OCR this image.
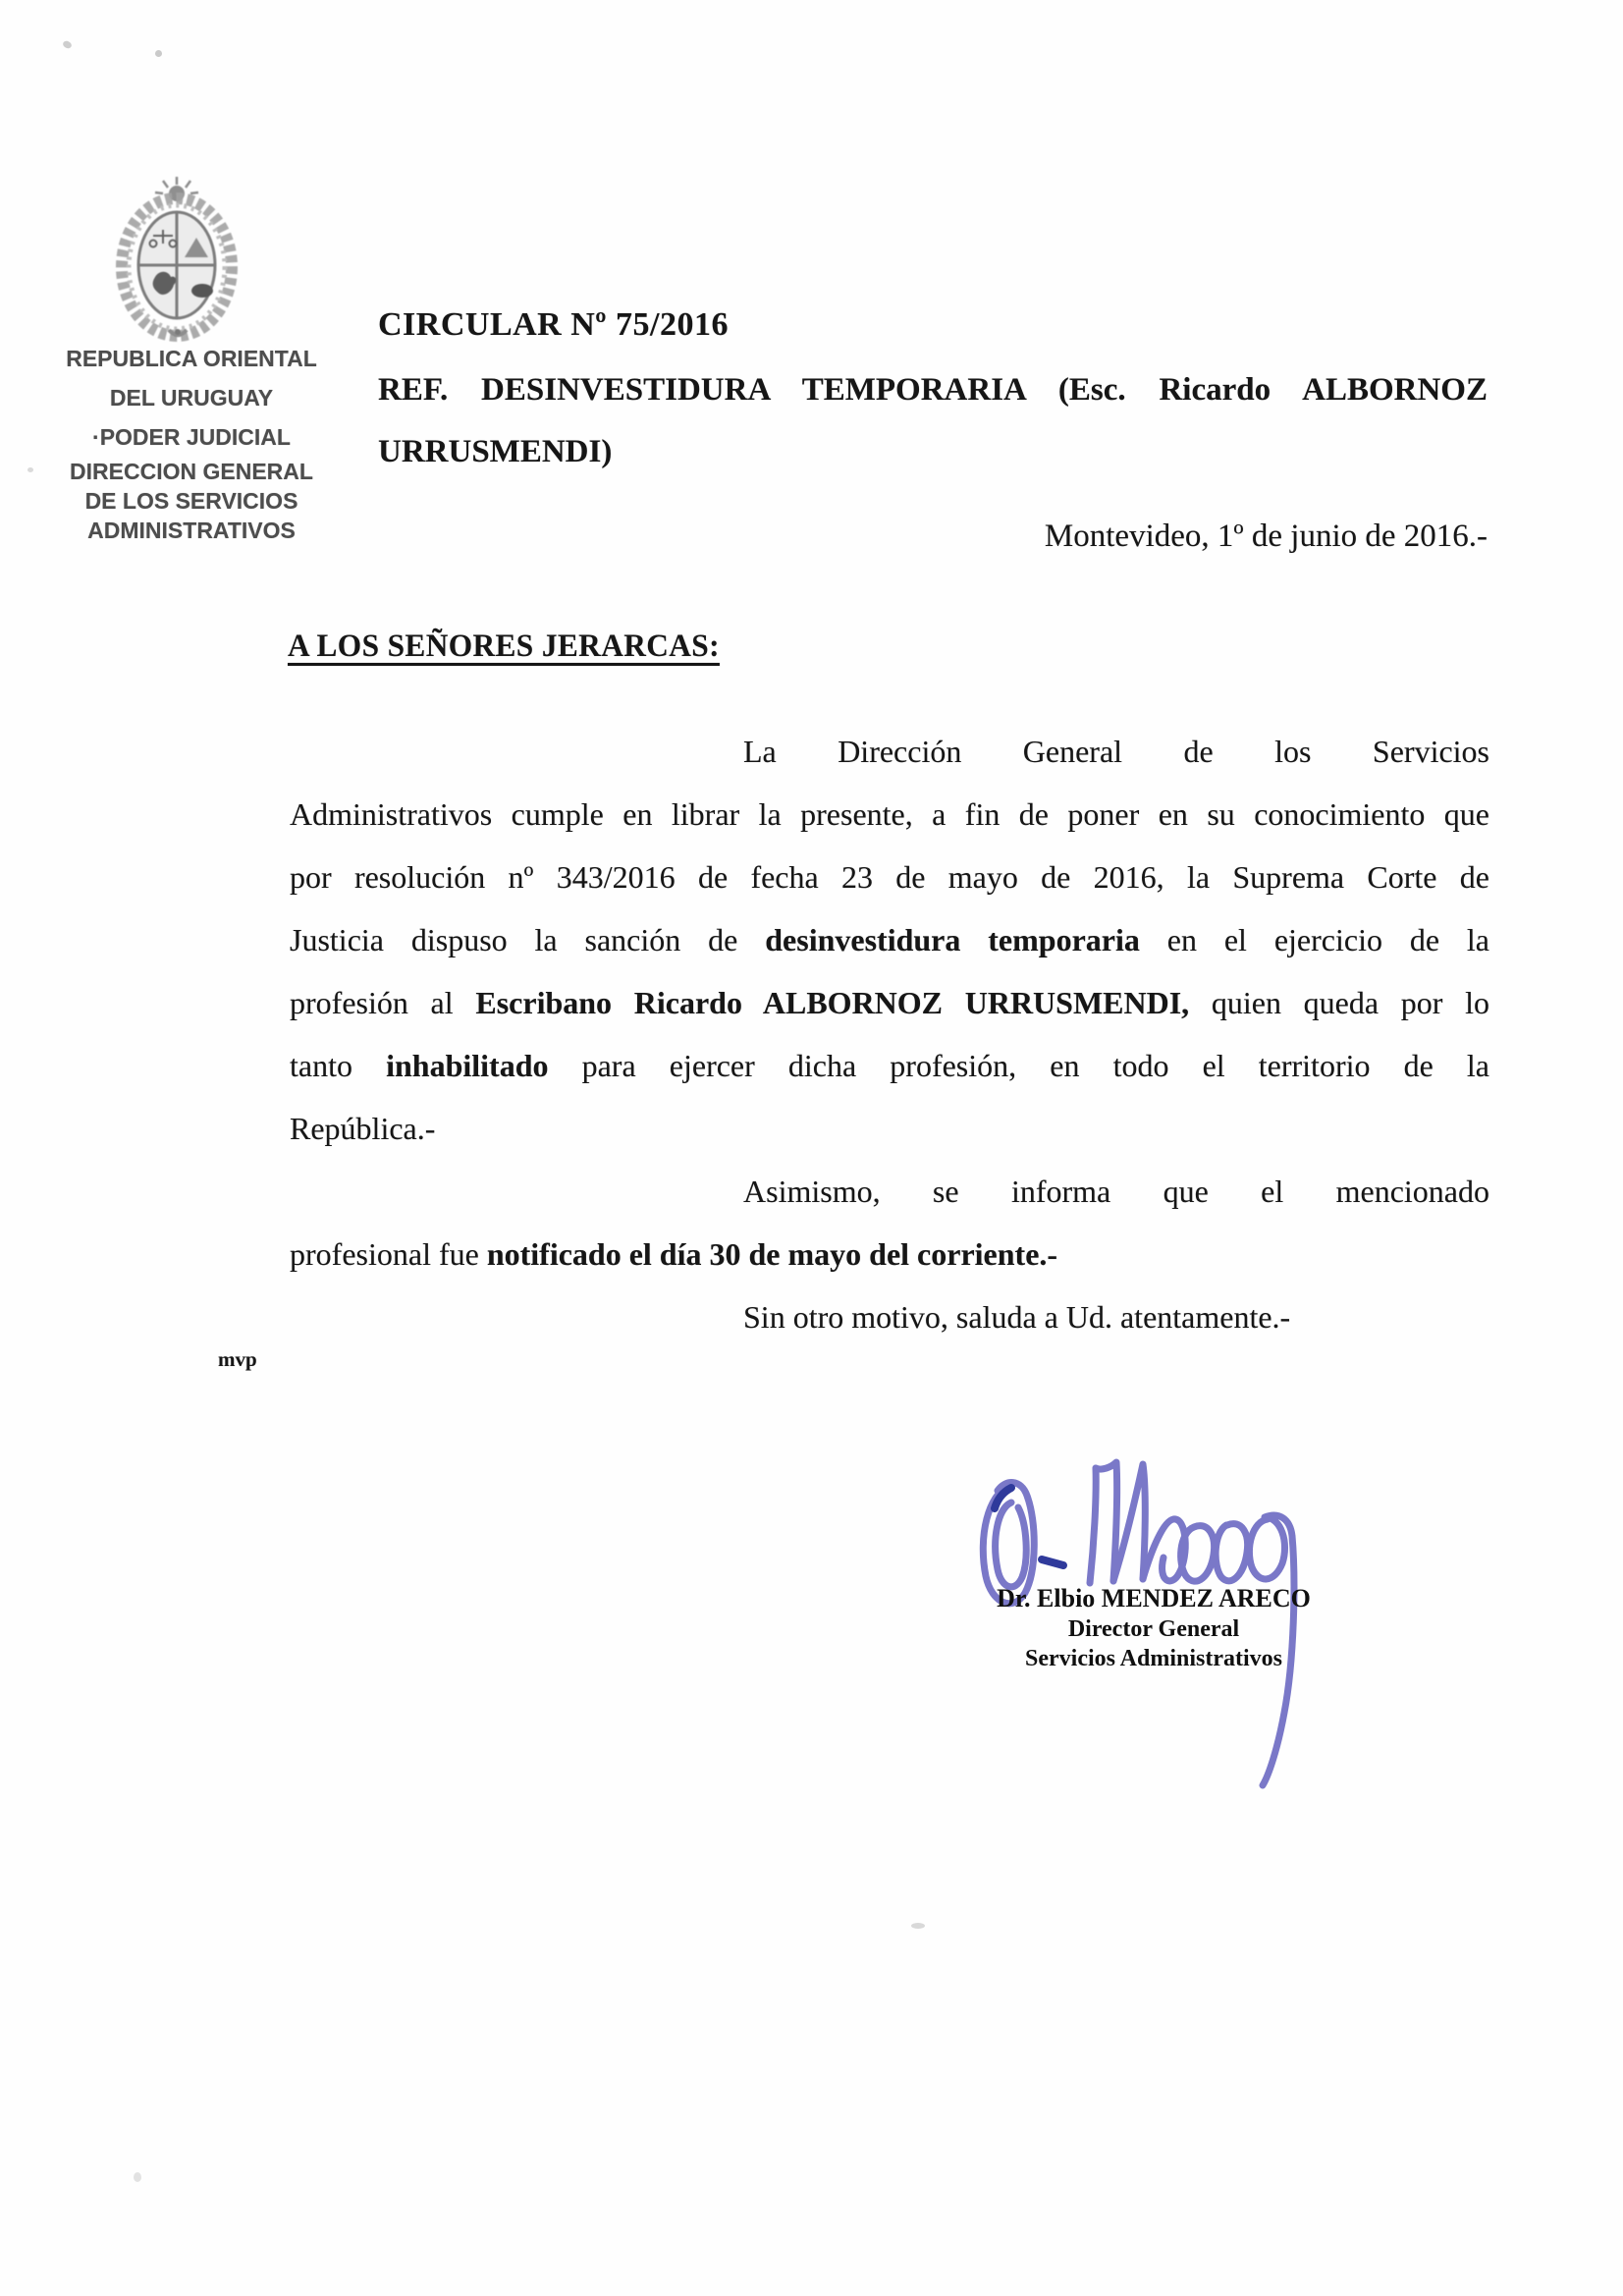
REPUBLICA ORIENTAL
DEL URUGUAY
·PODER JUDICIAL
DIRECCION GENERAL
DE LOS SERVICIOS
ADMINISTRATIVOS
CIRCULAR Nº 75/2016
REF. DESINVESTIDURA TEMPORARIA (Esc. Ricardo ALBORNOZ
URRUSMENDI)
Montevideo, 1º de junio de 2016.-
A LOS SEÑORES JERARCAS:
La Dirección General de los Servicios
Administrativos cumple en librar la presente, a fin de poner en su conocimiento que
por resolución nº 343/2016 de fecha 23 de mayo de 2016, la Suprema Corte de
Justicia dispuso la sanción de desinvestidura temporaria en el ejercicio de la
profesión al Escribano Ricardo ALBORNOZ URRUSMENDI, quien queda por lo
tanto inhabilitado para ejercer dicha profesión, en todo el territorio de la
República.-
Asimismo, se informa que el mencionado
profesional fue notificado el día 30 de mayo del corriente.-
Sin otro motivo, saluda a Ud. atentamente.-
mvp
Dr. Elbio MENDEZ ARECO
Director General
Servicios Administrativos
